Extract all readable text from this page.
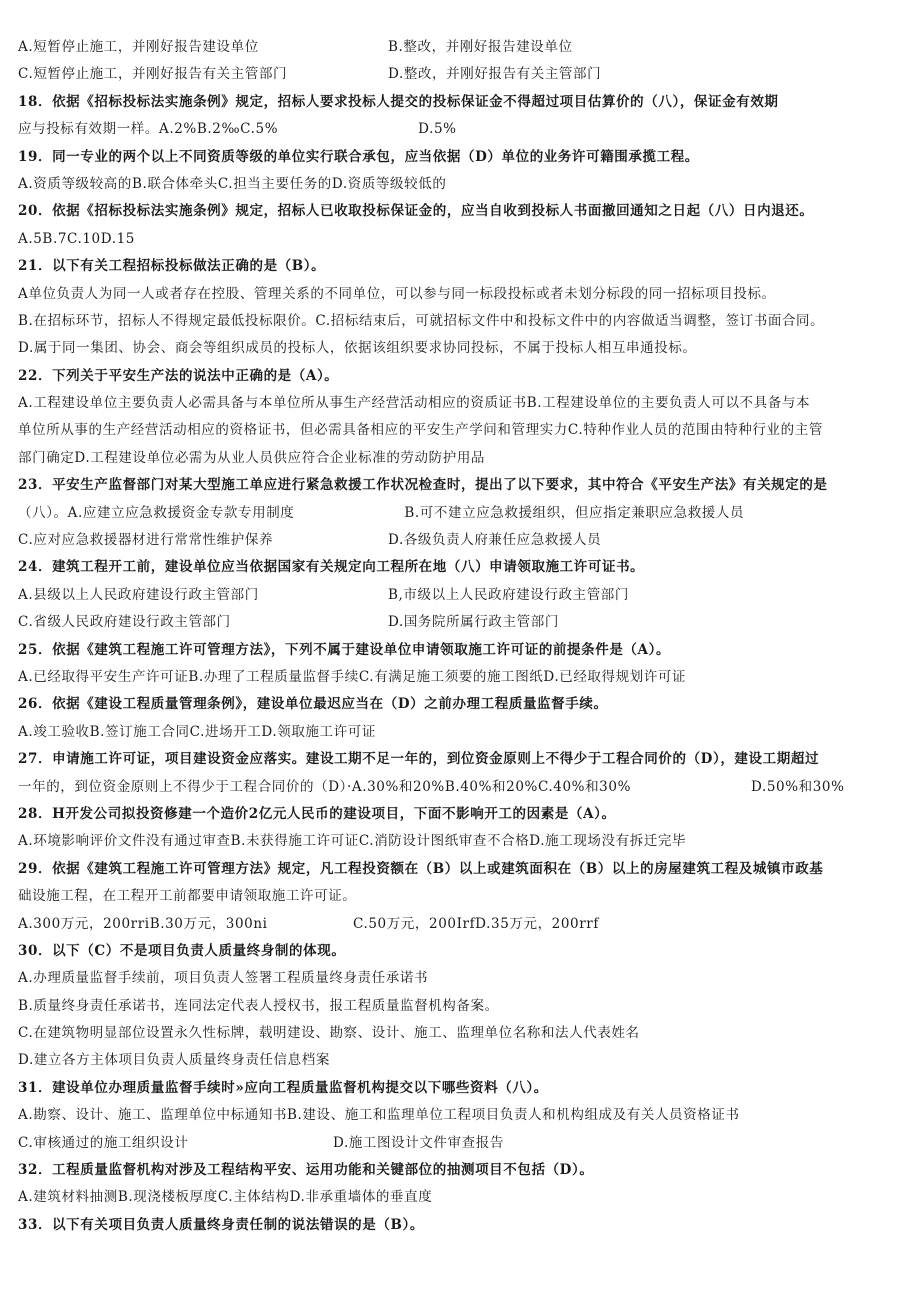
A.短暂停止施工，并刚好报告建设单位	B.整改，并刚好报告建设单位
C.短暂停止施工，并刚好报告有关主管部门	D.整改，并刚好报告有关主管部门
18．依据《招标投标法实施条例》规定，招标人要求投标人提交的投标保证金不得超过项目估算价的（八），保证金有效期
应与投标有效期一样。A.2%B.2‰C.5%	D.5%
19．同一专业的两个以上不同资质等级的单位实行联合承包，应当依据（D）单位的业务许可籍围承揽工程。
A.资质等级较高的B.联合体牵头C.担当主要任务的D.资质等级较低的
20．依据《招标投标法实施条例》规定，招标人已收取投标保证金的，应当自收到投标人书面撤回通知之日起（八）日内退还。
A.5B.7C.10D.15
21．以下有关工程招标投标做法正确的是（B）。
A单位负责人为同一人或者存在控股、管理关系的不同单位，可以参与同一标段投标或者未划分标段的同一招标项目投标。
B.在招标环节，招标人不得规定最低投标限价。C.招标结束后，可就招标文件中和投标文件中的内容做适当调整，签订书面合同。
D.属于同一集团、协会、商会等组织成员的投标人，依据该组织要求协同投标，不属于投标人相互串通投标。
22．下列关于平安生产法的说法中正确的是（A）。
A.工程建设单位主要负责人必需具备与本单位所从事生产经营活动相应的资质证书B.工程建设单位的主要负责人可以不具备与本
单位所从事的生产经营活动相应的资格证书，但必需具备相应的平安生产学问和管理实力C.特种作业人员的范围由特种行业的主管
部门确定D.工程建设单位必需为从业人员供应符合企业标准的劳动防护用品
23．平安生产监督部门对某大型施工单应进行紧急救援工作状况检查时，提出了以下要求，其中符合《平安生产法》有关规定的是
（八）。A.应建立应急救援资金专款专用制度	B.可不建立应急救援组织，但应指定兼职应急救援人员
C.应对应急救援器材进行常常性维护保养	D.各级负责人府兼任应急救援人员
24．建筑工程开工前，建设单位应当依据国家有关规定向工程所在地（八）申请领取施工许可证书。
A.县级以上人民政府建设行政主管部门	B,市级以上人民政府建设行政主管部门
C.省级人民政府建设行政主管部门	D.国务院所属行政主管部门
25．依据《建筑工程施工许可管理方法》，下列不属于建设单位申请领取施工许可证的前提条件是（A）。
A.已经取得平安生产许可证B.办理了工程质量监督手续C.有满足施工须要的施工图纸D.已经取得规划许可证
26．依据《建设工程质量管理条例》，建设单位最迟应当在（D）之前办理工程质量监督手续。
A.竣工验收B.签订施工合同C.进场开工D.领取施工许可证
27．申请施工许可证，项目建设资金应落实。建设工期不足一年的，到位资金原则上不得少于工程合同价的（D），建设工期超过
一年的，到位资金原则上不得少于工程合同价的（D）·A.30%和20%B.40%和20%C.40%和30%	D.50%和30%
28．H开发公司拟投资修建一个造价2亿元人民币的建设项目，下面不影响开工的因素是（A）。
A.环境影响评价文件没有通过审查B.未获得施工许可证C.消防设计图纸审查不合格D.施工现场没有拆迁完毕
29．依据《建筑工程施工许可管理方法》规定，凡工程投资额在（B）以上或建筑面积在（B）以上的房屋建筑工程及城镇市政基
础设施工程，在工程开工前都要申请领取施工许可证。
A.300万元，200rriB.30万元，300ni	C.50万元，200IrfD.35万元，200rrf
30．以下（C）不是项目负责人质量终身制的体现。
A.办理质量监督手续前，项目负责人签署工程质量终身责任承诺书
B.质量终身责任承诺书，连同法定代表人授权书，报工程质量监督机构备案。
C.在建筑物明显部位设置永久性标牌，载明建设、勘察、设计、施工、监理单位名称和法人代表姓名
D.建立各方主体项目负责人质量终身责任信息档案
31．建设单位办理质量监督手续时»应向工程质量监督机构提交以下哪些资料（八）。
A.勘察、设计、施工、监理单位中标通知书B.建设、施工和监理单位工程项目负责人和机构组成及有关人员资格证书
C.审核通过的施工组织设计	D.施工图设计文件审查报告
32．工程质量监督机构对涉及工程结构平安、运用功能和关键部位的抽测项目不包括（D）。
A.建筑材料抽测B.现浇楼板厚度C.主体结构D.非承重墙体的垂直度
33．以下有关项目负责人质量终身责任制的说法错误的是（B）。
